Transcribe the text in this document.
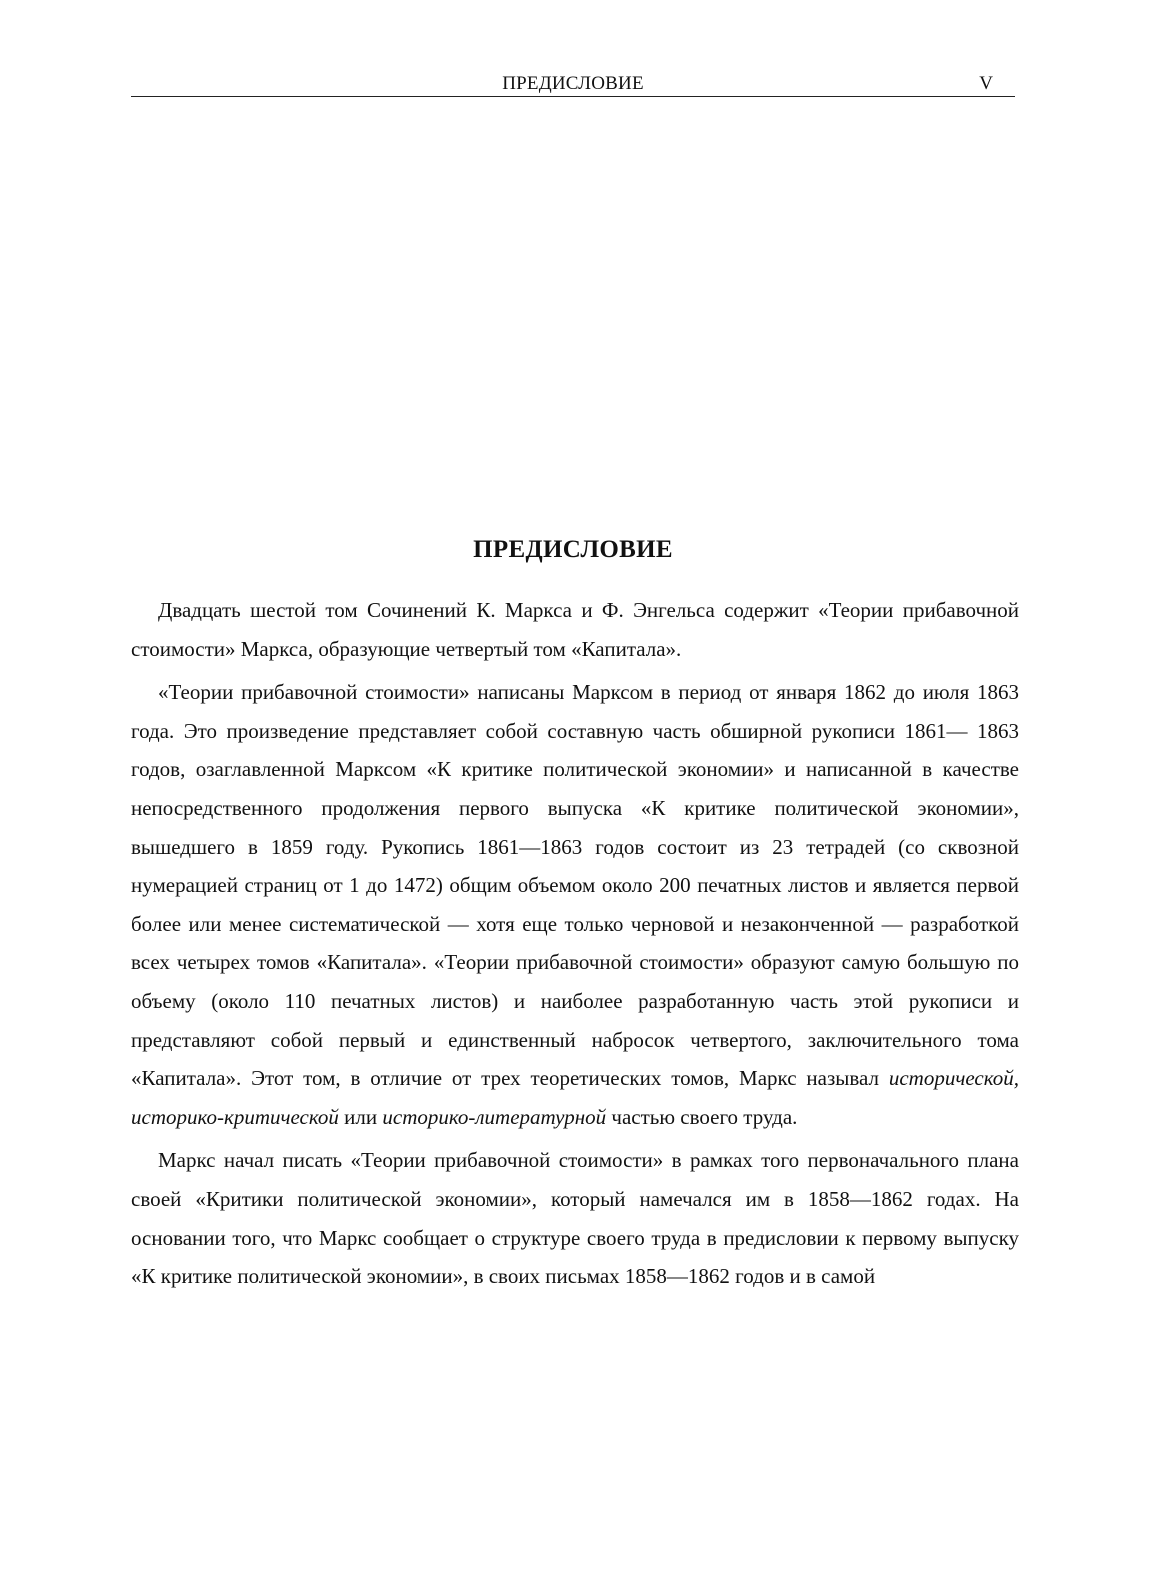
ПРЕДИСЛОВИЕ	V
ПРЕДИСЛОВИЕ

Двадцать шестой том Сочинений К. Маркса и Ф. Энгельса содержит «Теории прибавочной стоимости» Маркса, образующие четвертый том «Капитала».

«Теории прибавочной стоимости» написаны Марксом в период от января 1862 до июля 1863 года. Это произведение представляет собой составную часть обширной рукописи 1861— 1863 годов, озаглавленной Марксом «К критике политической экономии» и написанной в качестве непосредственного продолжения первого выпуска «К критике политической экономии», вышедшего в 1859 году. Рукопись 1861—1863 годов состоит из 23 тетрадей (со сквозной нумерацией страниц от 1 до 1472) общим объемом около 200 печатных листов и является первой более или менее систематической — хотя еще только черновой и незаконченной — разработкой всех четырех томов «Капитала». «Теории прибавочной стоимости» образуют самую большую по объему (около 110 печатных листов) и наиболее разработанную часть этой рукописи и представляют собой первый и единственный набросок четвертого, заключительного тома «Капитала». Этот том, в отличие от трех теоретических томов, Маркс называл исторической, историко-критической или историко-литературной частью своего труда.

Маркс начал писать «Теории прибавочной стоимости» в рамках того первоначального плана своей «Критики политической экономии», который намечался им в 1858—1862 годах. На основании того, что Маркс сообщает о структуре своего труда в предисловии к первому выпуску «К критике политической экономии», в своих письмах 1858—1862 годов и в самой
